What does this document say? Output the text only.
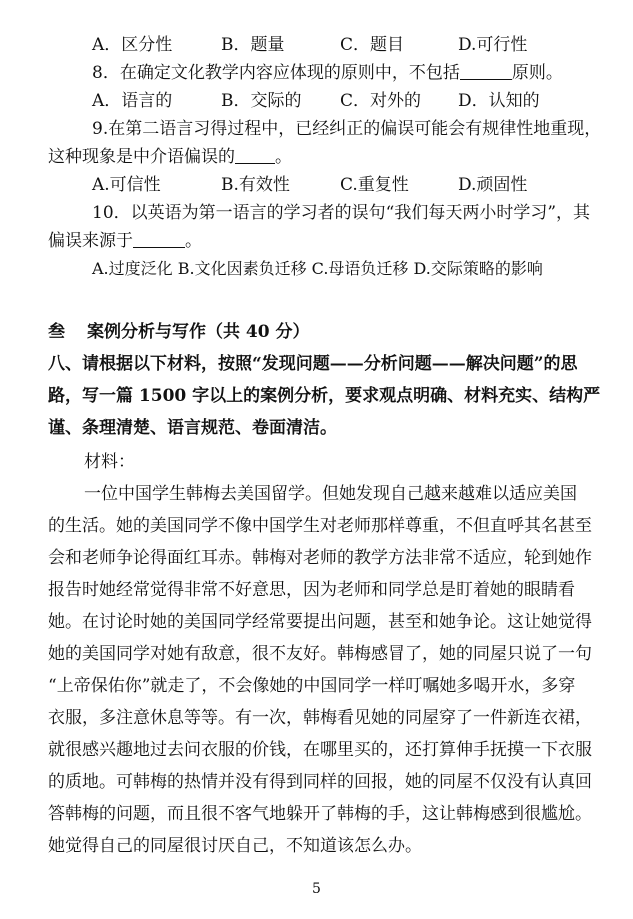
A．区分性	B．题量	C．题目	D.可行性
8．在确定文化教学内容应体现的原则中，不包括	原则。
A．语言的	B．交际的 C．对外的 D．认知的
9.在第二语言习得过程中，已经纠正的偏误可能会有规律性地重现，
这种现象是中介语偏误的 。
A.可信性	B.有效性	C.重复性	D.顽固性
10．以英语为第一语言的学习者的误句“我们每天两小时学习”，其
偏误来源于	。
A.过度泛化 B.文化因素负迁移 C.母语负迁移 D.交际策略的影响
叁 案例分析与写作（共 40 分）
八、请根据以下材料，按照“发现问题——分析问题——解决问题”的思
路，写一篇 1500 字以上的案例分析，要求观点明确、材料充实、结构严
谨、条理清楚、语言规范、卷面清洁。
材料：
一位中国学生韩梅去美国留学。但她发现自己越来越难以适应美国
的生活。她的美国同学不像中国学生对老师那样尊重，不但直呼其名甚至
会和老师争论得面红耳赤。韩梅对老师的教学方法非常不适应，轮到她作
报告时她经常觉得非常不好意思，因为老师和同学总是盯着她的眼睛看
她。在讨论时她的美国同学经常要提出问题，甚至和她争论。这让她觉得
她的美国同学对她有敌意，很不友好。韩梅感冒了，她的同屋只说了一句
“上帝保佑你”就走了，不会像她的中国同学一样叮嘱她多喝开水，多穿
衣服，多注意休息等等。有一次，韩梅看见她的同屋穿了一件新连衣裙，
就很感兴趣地过去问衣服的价钱，在哪里买的，还打算伸手抚摸一下衣服
的质地。可韩梅的热情并没有得到同样的回报，她的同屋不仅没有认真回
答韩梅的问题，而且很不客气地躲开了韩梅的手，这让韩梅感到很尴尬。
她觉得自己的同屋很讨厌自己，不知道该怎么办。
5
